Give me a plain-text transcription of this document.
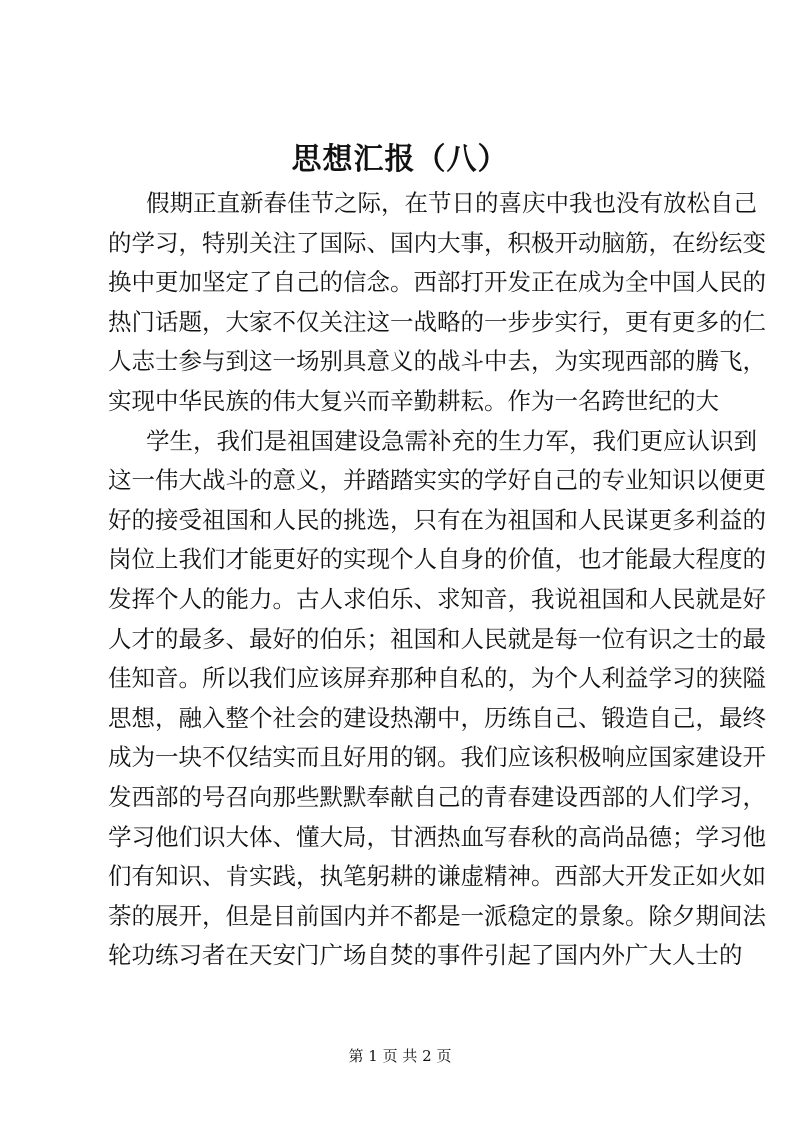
思想汇报（八）
假期正直新春佳节之际，在节日的喜庆中我也没有放松自己
的学习，特别关注了国际、国内大事，积极开动脑筋，在纷纭变
换中更加坚定了自己的信念。西部打开发正在成为全中国人民的
热门话题，大家不仅关注这一战略的一步步实行，更有更多的仁
人志士参与到这一场别具意义的战斗中去，为实现西部的腾飞，
实现中华民族的伟大复兴而辛勤耕耘。作为一名跨世纪的大
学生，我们是祖国建设急需补充的生力军，我们更应认识到
这一伟大战斗的意义，并踏踏实实的学好自己的专业知识以便更
好的接受祖国和人民的挑选，只有在为祖国和人民谋更多利益的
岗位上我们才能更好的实现个人自身的价值，也才能最大程度的
发挥个人的能力。古人求伯乐、求知音，我说祖国和人民就是好
人才的最多、最好的伯乐；祖国和人民就是每一位有识之士的最
佳知音。所以我们应该屏弃那种自私的，为个人利益学习的狭隘
思想，融入整个社会的建设热潮中，历练自己、锻造自己，最终
成为一块不仅结实而且好用的钢。我们应该积极响应国家建设开
发西部的号召向那些默默奉献自己的青春建设西部的人们学习，
学习他们识大体、懂大局，甘洒热血写春秋的高尚品德；学习他
们有知识、肯实践，执笔躬耕的谦虚精神。西部大开发正如火如
荼的展开，但是目前国内并不都是一派稳定的景象。除夕期间法
轮功练习者在天安门广场自焚的事件引起了国内外广大人士的
第 1 页 共 2 页
